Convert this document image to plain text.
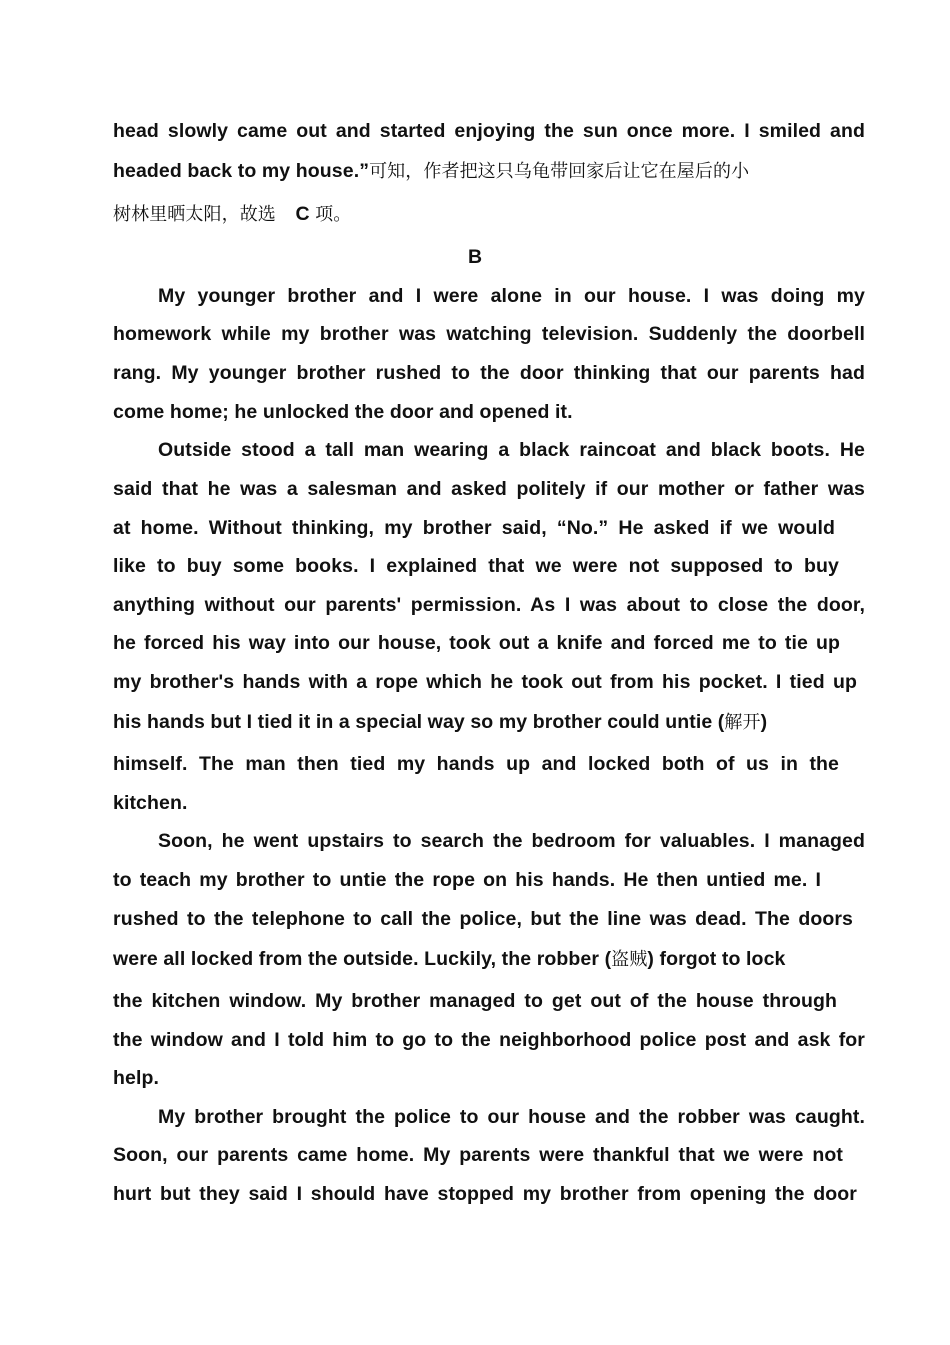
head slowly came out and started enjoying the sun once more. I smiled and
headed back to my house.”可知，作者把这只乌龟带回家后让它在屋后的小
树林里晒太阳，故选 C 项。
B
My younger brother and I were alone in our house. I was doing my
homework while my brother was watching television. Suddenly the doorbell
rang. My younger brother rushed to the door thinking that our parents had
come home; he unlocked the door and opened it.
Outside stood a tall man wearing a black raincoat and black boots. He
said that he was a salesman and asked politely if our mother or father was
at home. Without thinking, my brother said, “No.” He asked if we would
like to buy some books. I explained that we were not supposed to buy
anything without our parents' permission. As I was about to close the door,
he forced his way into our house, took out a knife and forced me to tie up
my brother's hands with a rope which he took out from his pocket. I tied up
his hands but I tied it in a special way so my brother could untie (解开)
himself. The man then tied my hands up and locked both of us in the
kitchen.
Soon, he went upstairs to search the bedroom for valuables. I managed
to teach my brother to untie the rope on his hands. He then untied me. I
rushed to the telephone to call the police, but the line was dead. The doors
were all locked from the outside. Luckily, the robber (盗贼) forgot to lock
the kitchen window. My brother managed to get out of the house through
the window and I told him to go to the neighborhood police post and ask for
help.
My brother brought the police to our house and the robber was caught.
Soon, our parents came home. My parents were thankful that we were not
hurt but they said I should have stopped my brother from opening the door
